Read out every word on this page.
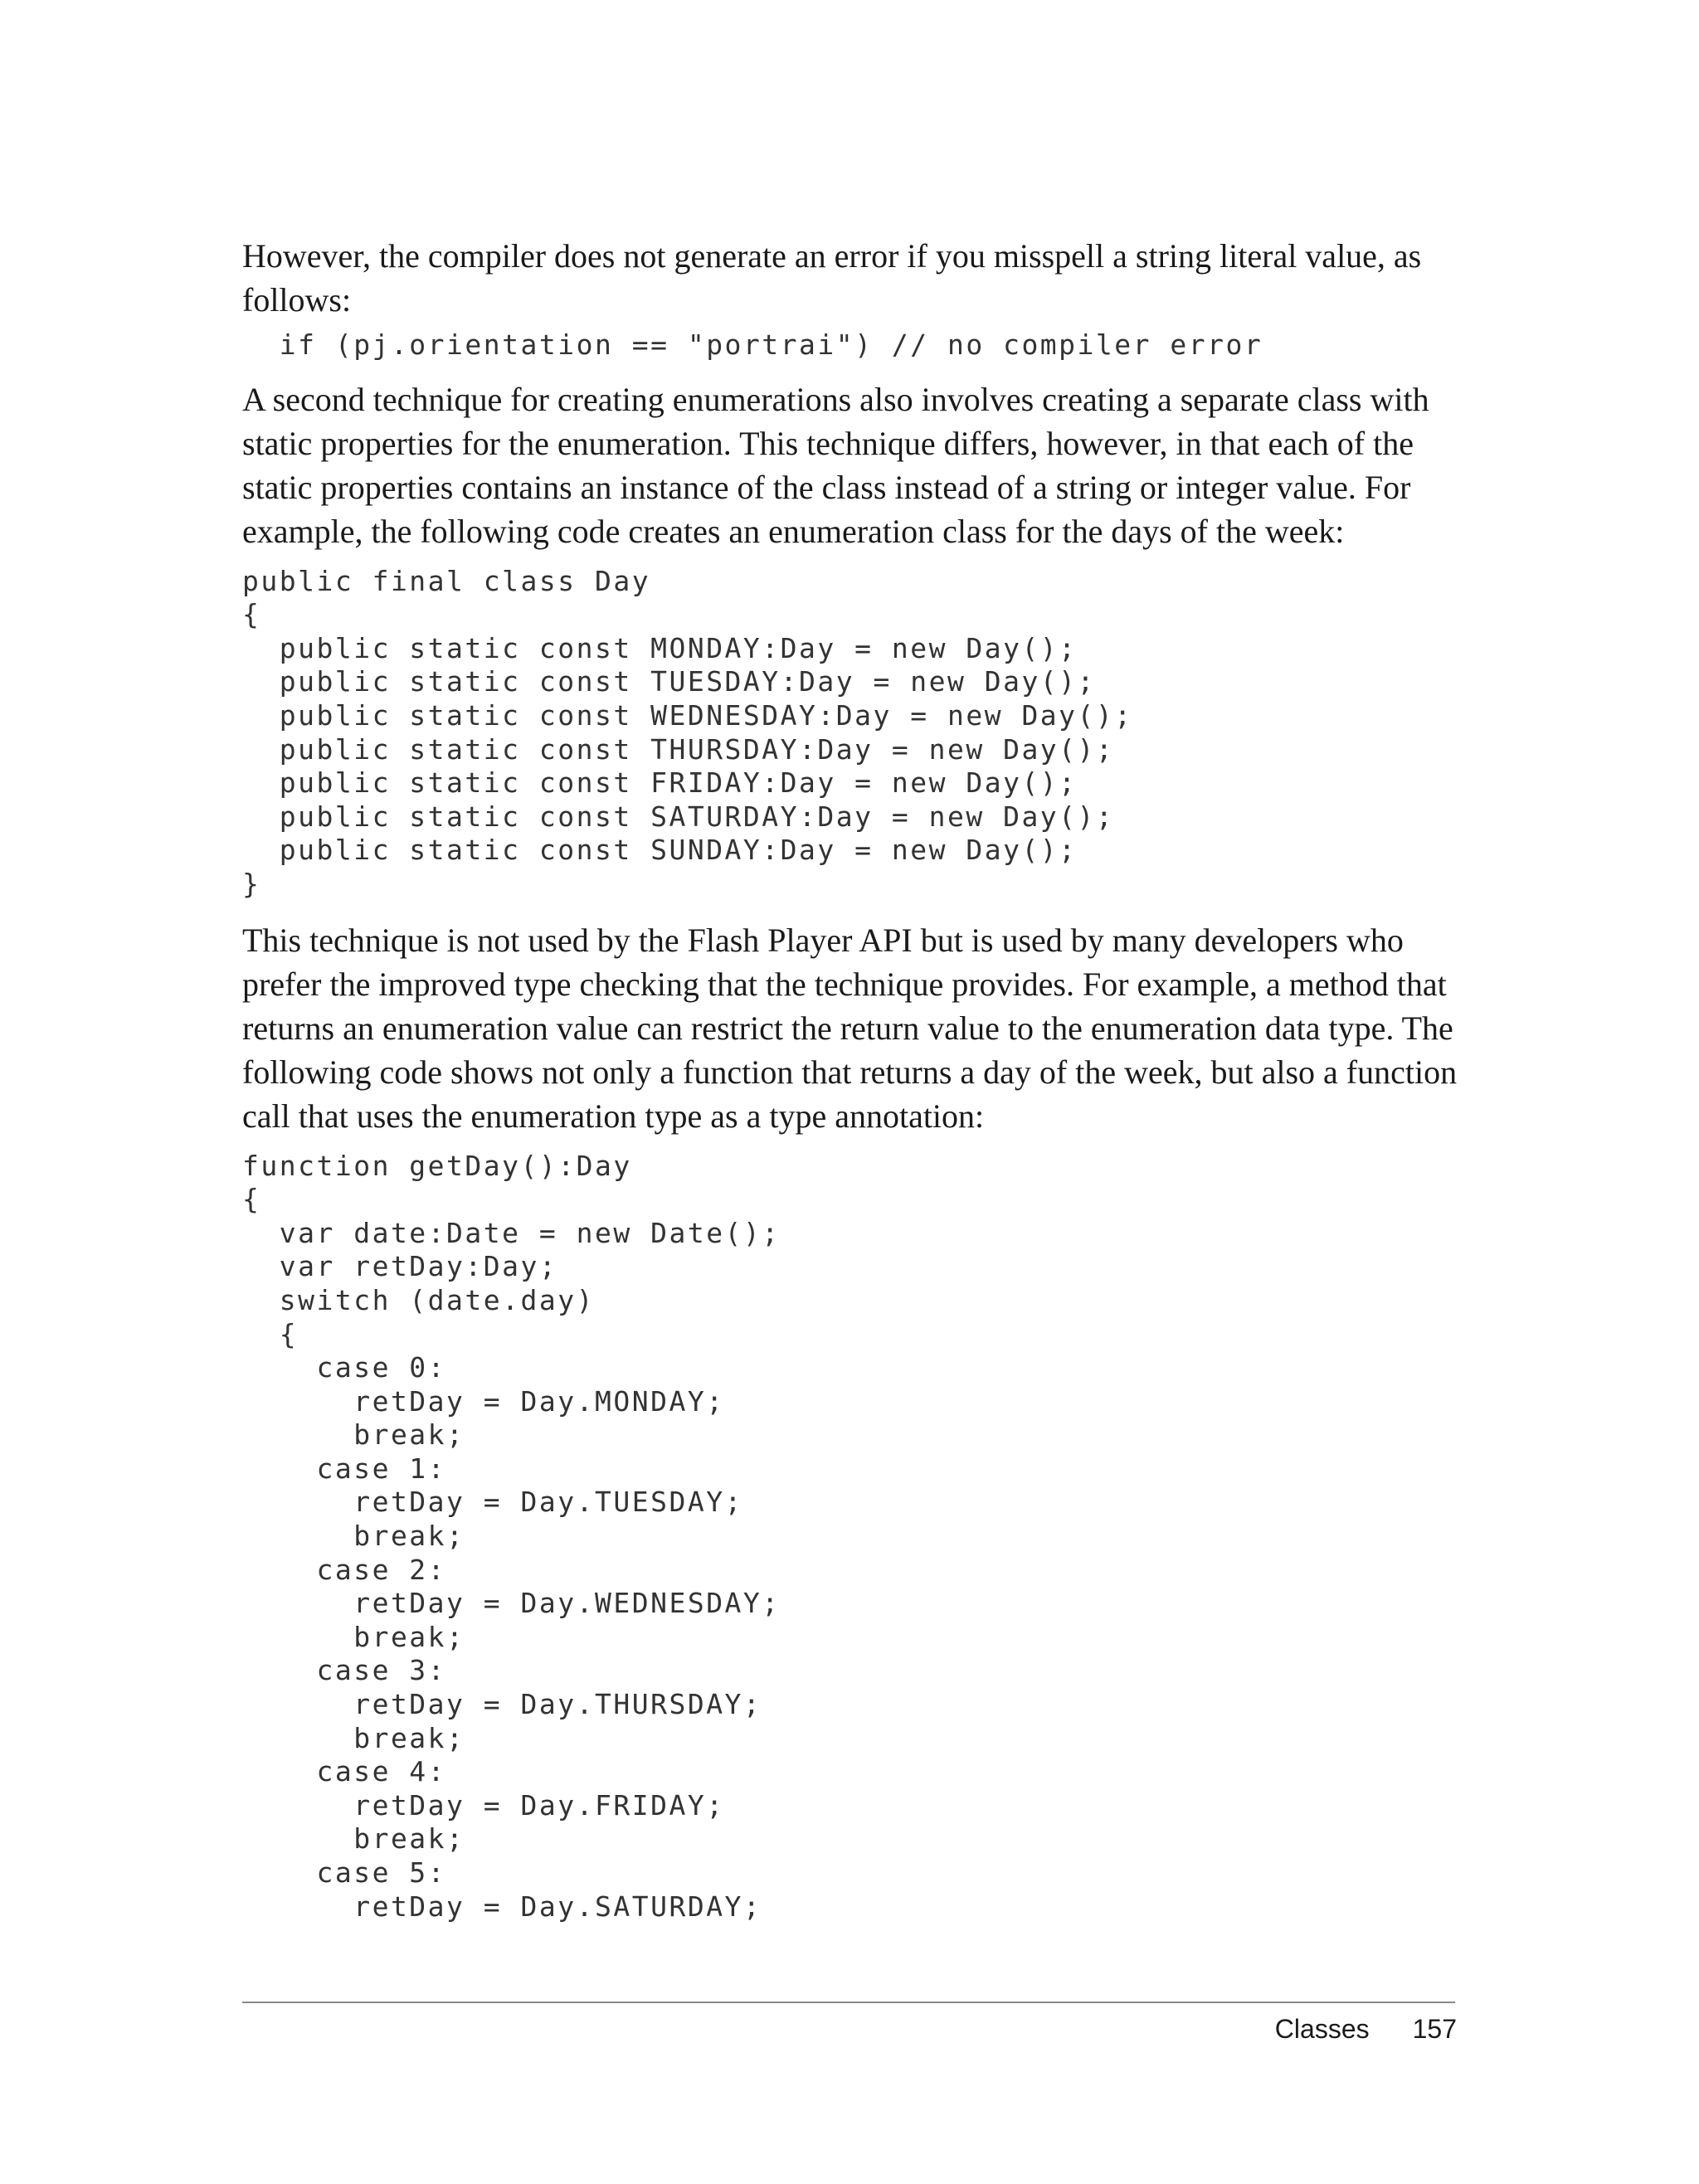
However, the compiler does not generate an error if you misspell a string literal value, as follows:

if (pj.orientation == "portrai") // no compiler error

A second technique for creating enumerations also involves creating a separate class with static properties for the enumeration. This technique differs, however, in that each of the static properties contains an instance of the class instead of a string or integer value. For example, the following code creates an enumeration class for the days of the week:

public final class Day
{
public static const MONDAY:Day = new Day();
public static const TUESDAY:Day = new Day();
public static const WEDNESDAY:Day = new Day();
public static const THURSDAY:Day = new Day();
public static const FRIDAY:Day = new Day();
public static const SATURDAY:Day = new Day();
public static const SUNDAY:Day = new Day();
}

This technique is not used by the Flash Player API but is used by many developers who prefer the improved type checking that the technique provides. For example, a method that returns an enumeration value can restrict the return value to the enumeration data type. The following code shows not only a function that returns a day of the week, but also a function call that uses the enumeration type as a type annotation:

function getDay():Day
{
var date:Date = new Date();
var retDay:Day;
switch (date.day)
{
case 0:
retDay = Day.MONDAY;
break;
case 1:
retDay = Day.TUESDAY;
break;
case 2:
retDay = Day.WEDNESDAY;
break;
case 3:
retDay = Day.THURSDAY;
break;
case 4:
retDay = Day.FRIDAY;
break;
case 5:
retDay = Day.SATURDAY;
Classes 157
